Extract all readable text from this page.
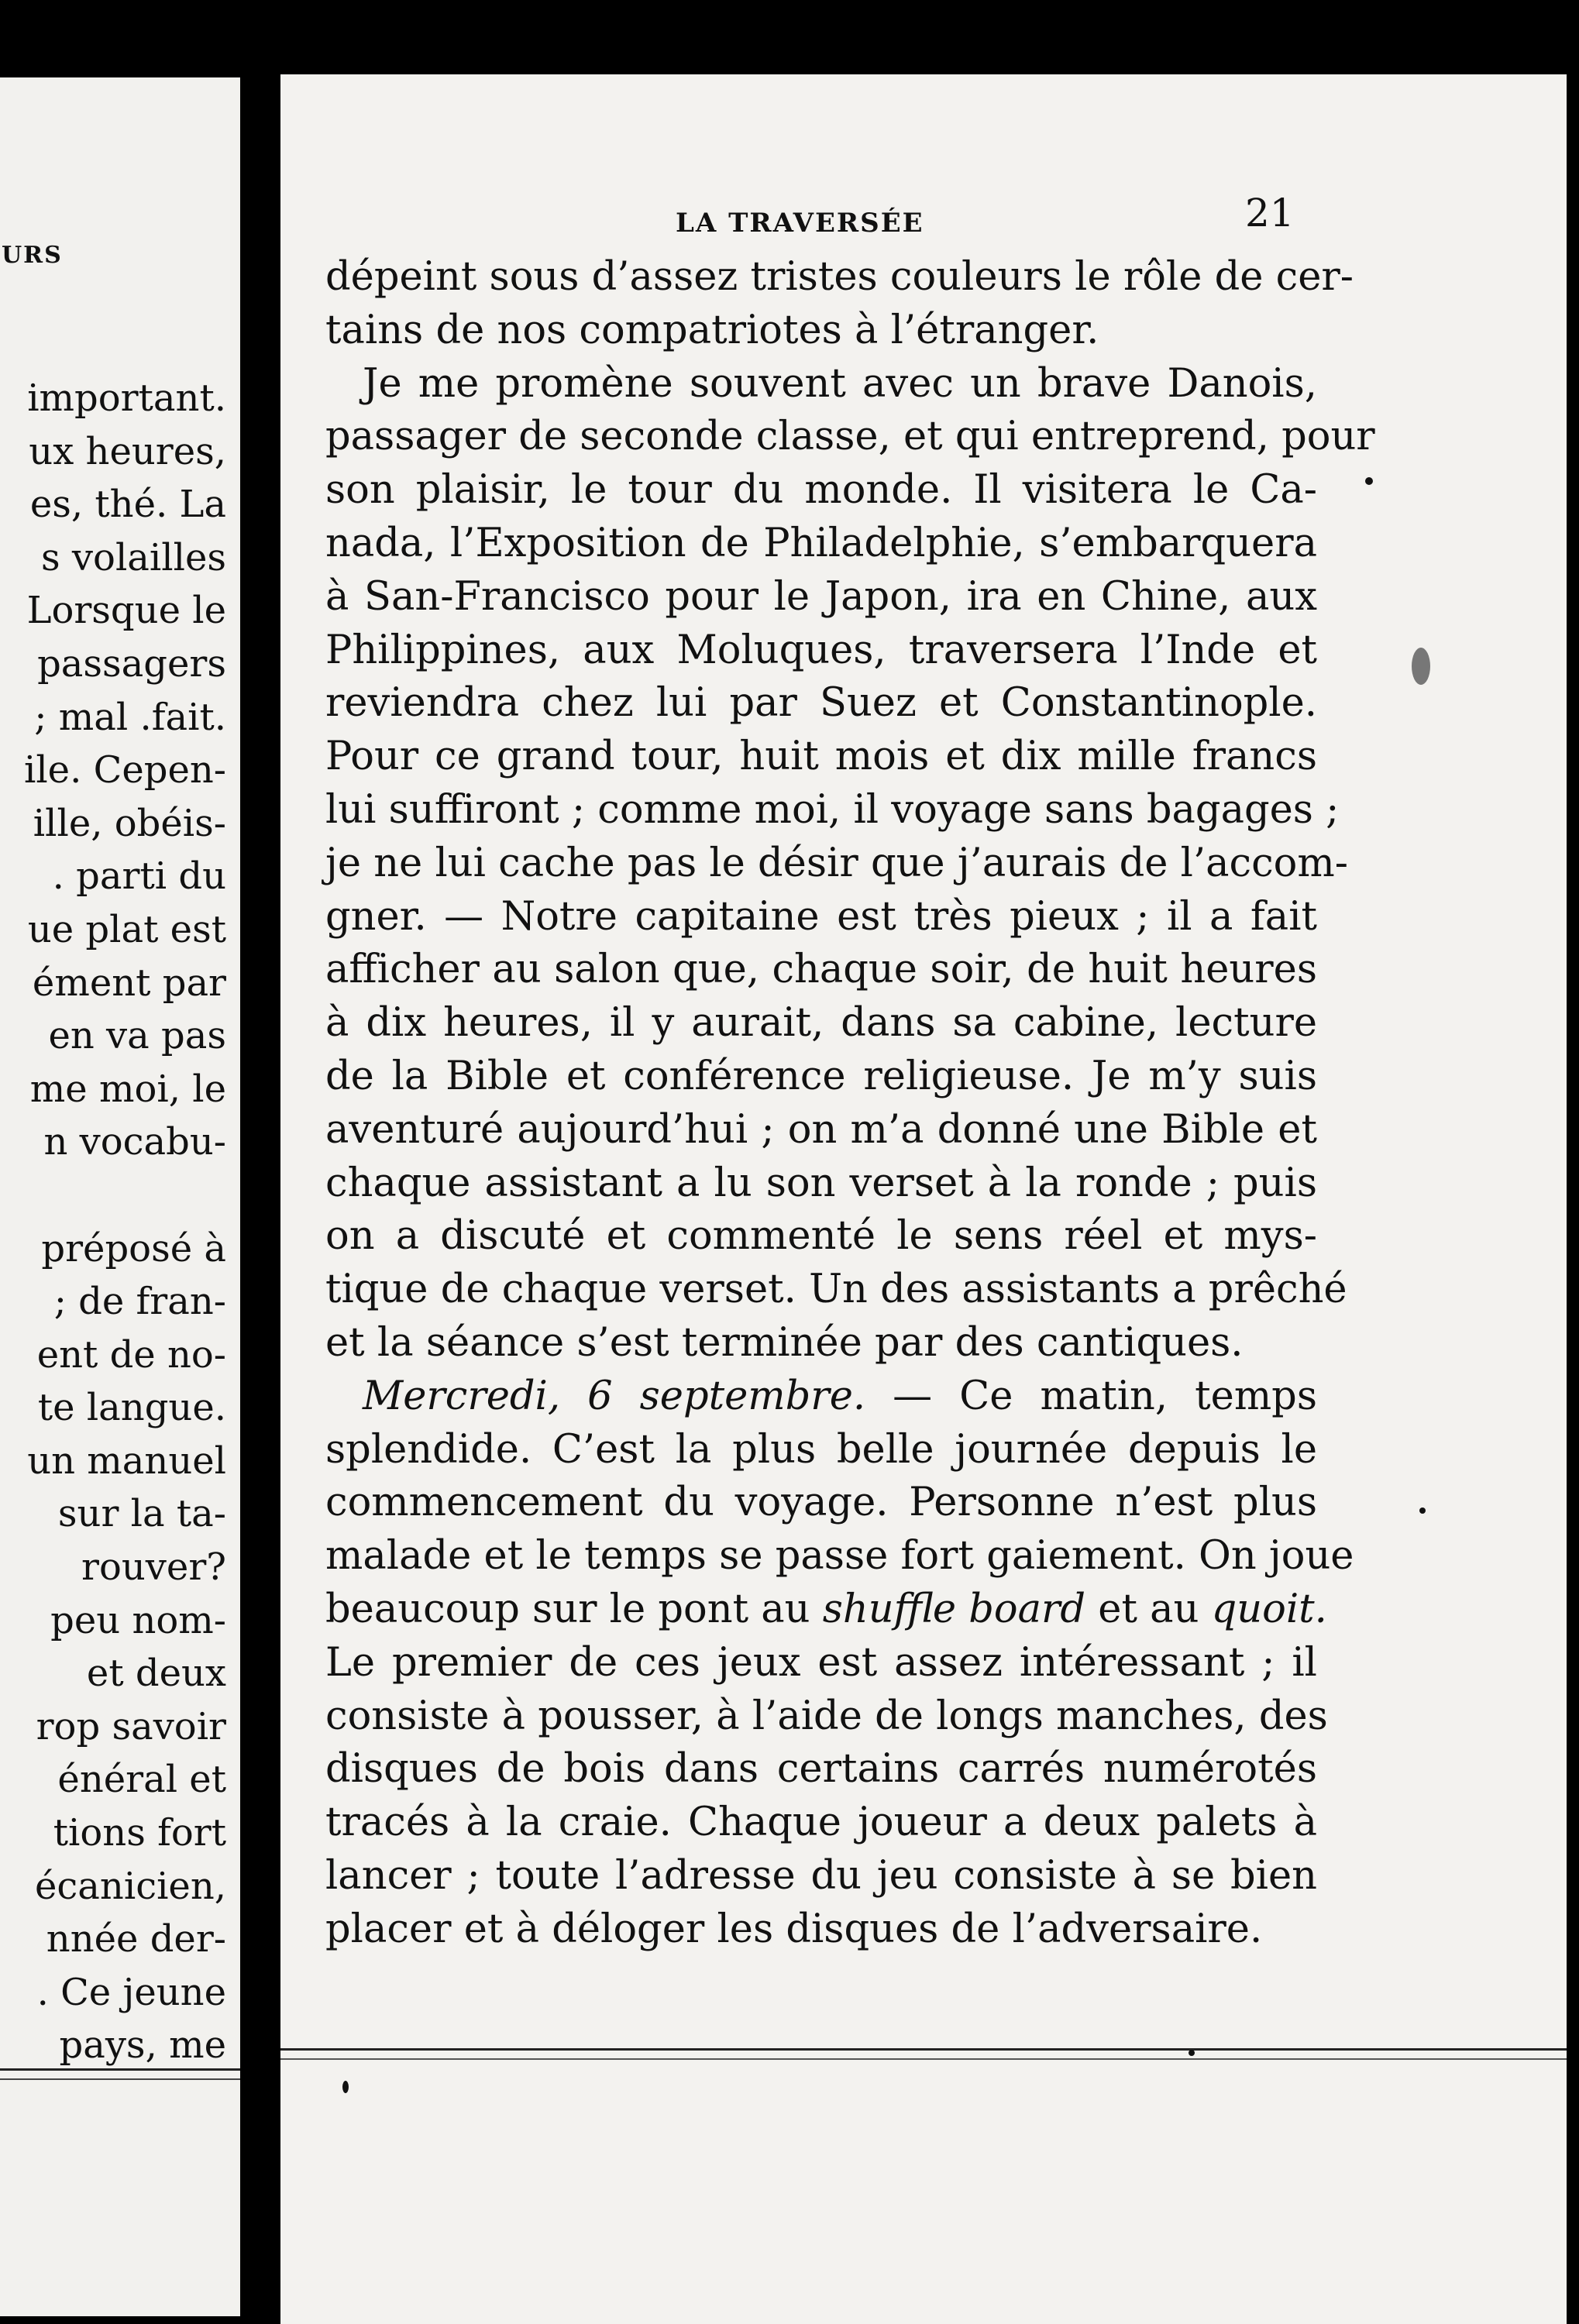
URS
important.
ux heures,
es, thé. La
s volailles
Lorsque le
passagers
; mal .fait.
ile. Cepen-
ille, obéis-
. parti du
ue plat est
ément par
en va pas
me moi, le
n vocabu-
préposé à
; de fran-
ent de no-
te langue.
un manuel
sur la ta-
rouver?
peu nom-
et deux
rop savoir
énéral et
tions fort
écanicien,
nnée der-
. Ce jeune
pays, me
LA TRAVERSÉE	21
dépeint sous d’assez tristes couleurs le rôle de cer-
tains de nos compatriotes à l’étranger.
Je me promène souvent avec un brave Danois,
passager de seconde classe, et qui entreprend, pour
son plaisir, le tour du monde. Il visitera le Ca-
nada, l’Exposition de Philadelphie, s’embarquera
à San-Francisco pour le Japon, ira en Chine, aux
Philippines, aux Moluques, traversera l’Inde et
reviendra chez lui par Suez et Constantinople.
Pour ce grand tour, huit mois et dix mille francs
lui suffiront ; comme moi, il voyage sans bagages ;
je ne lui cache pas le désir que j’aurais de l’accom-
gner. — Notre capitaine est très pieux ; il a fait
afficher au salon que, chaque soir, de huit heures
à dix heures, il y aurait, dans sa cabine, lecture
de la Bible et conférence religieuse. Je m’y suis
aventuré aujourd’hui ; on m’a donné une Bible et
chaque assistant a lu son verset à la ronde ; puis
on a discuté et commenté le sens réel et mys-
tique de chaque verset. Un des assistants a prêché
et la séance s’est terminée par des cantiques.
Mercredi, 6 septembre. — Ce matin, temps
splendide. C’est la plus belle journée depuis le
commencement du voyage. Personne n’est plus
malade et le temps se passe fort gaiement. On joue
beaucoup sur le pont au shuffle board et au quoit.
Le premier de ces jeux est assez intéressant ; il
consiste à pousser, à l’aide de longs manches, des
disques de bois dans certains carrés numérotés
tracés à la craie. Chaque joueur a deux palets à
lancer ; toute l’adresse du jeu consiste à se bien
placer et à déloger les disques de l’adversaire.
